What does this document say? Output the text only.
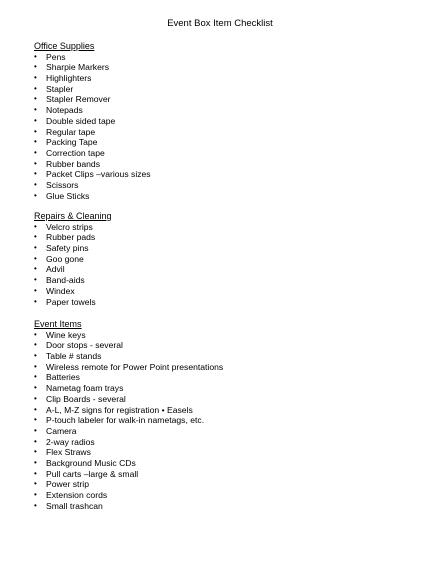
Event Box Item Checklist
Office Supplies
• Pens
• Sharpie Markers
• Highlighters
• Stapler
• Stapler Remover
• Notepads
• Double sided tape
• Regular tape
• Packing Tape
• Correction tape
• Rubber bands
• Packet Clips –various sizes
• Scissors
• Glue Sticks
Repairs & Cleaning
• Velcro strips
• Rubber pads
• Safety pins
• Goo gone
• Advil
• Band-aids
• Windex
• Paper towels
Event Items
• Wine keys
• Door stops - several
• Table # stands
• Wireless remote for Power Point presentations
• Batteries
• Nametag foam trays
• Clip Boards - several
• A-L, M-Z signs for registration • Easels
• P-touch labeler for walk-in nametags, etc.
• Camera
• 2-way radios
• Flex Straws
• Background Music CDs
• Pull carts –large & small
• Power strip
• Extension cords
• Small trashcan
